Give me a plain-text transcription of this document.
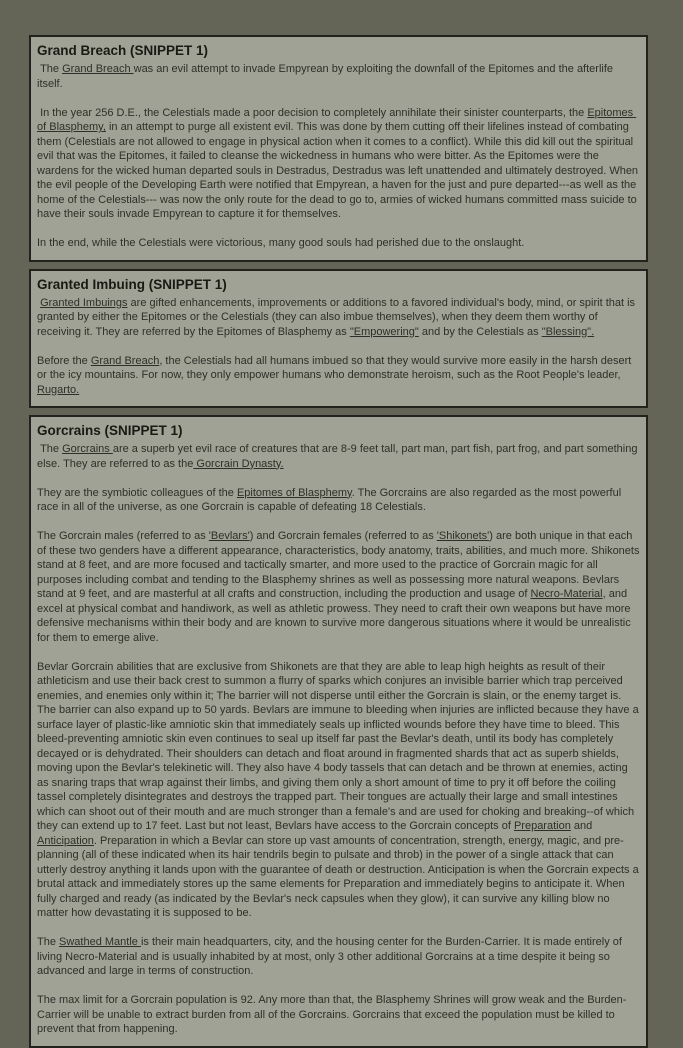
Grand Breach (SNIPPET 1)

The Grand Breach was an evil attempt to invade Empyrean by exploiting the downfall of the Epitomes and the afterlife itself.

In the year 256 D.E., the Celestials made a poor decision to completely annihilate their sinister counterparts, the Epitomes of Blasphemy, in an attempt to purge all existent evil. This was done by them cutting off their lifelines instead of combating them (Celestials are not allowed to engage in physical action when it comes to a conflict). While this did kill out the spiritual evil that was the Epitomes, it failed to cleanse the wickedness in humans who were bitter. As the Epitomes were the wardens for the wicked human departed souls in Destradus, Destradus was left unattended and ultimately destroyed. When the evil people of the Developing Earth were notified that Empyrean, a haven for the just and pure departed---as well as the home of the Celestials--- was now the only route for the dead to go to, armies of wicked humans committed mass suicide to have their souls invade Empyrean to capture it for themselves.

In the end, while the Celestials were victorious, many good souls had perished due to the onslaught.

Granted Imbuing (SNIPPET 1)

Granted Imbuings are gifted enhancements, improvements or additions to a favored individual's body, mind, or spirit that is granted by either the Epitomes or the Celestials (they can also imbue themselves), when they deem them worthy of receiving it. They are referred by the Epitomes of Blasphemy as "Empowering" and by the Celestials as "Blessing".

Before the Grand Breach, the Celestials had all humans imbued so that they would survive more easily in the harsh desert or the icy mountains. For now, they only empower humans who demonstrate heroism, such as the Root People's leader, Rugarto.

Gorcrains (SNIPPET 1)

The Gorcrains are a superb yet evil race of creatures that are 8-9 feet tall, part man, part fish, part frog, and part something else. They are referred to as the Gorcrain Dynasty.

They are the symbiotic colleagues of the Epitomes of Blasphemy. The Gorcrains are also regarded as the most powerful race in all of the universe, as one Gorcrain is capable of defeating 18 Celestials.

The Gorcrain males (referred to as 'Bevlars') and Gorcrain females (referred to as 'Shikonets') are both unique in that each of these two genders have a different appearance, characteristics, body anatomy, traits, abilities, and much more. Shikonets stand at 8 feet, and are more focused and tactically smarter, and more used to the practice of Gorcrain magic for all purposes including combat and tending to the Blasphemy shrines as well as possessing more natural weapons. Bevlars stand at 9 feet, and are masterful at all crafts and construction, including the production and usage of Necro-Material, and excel at physical combat and handiwork, as well as athletic prowess. They need to craft their own weapons but have more defensive mechanisms within their body and are known to survive more dangerous situations where it would be unrealistic for them to emerge alive.

Bevlar Gorcrain abilities that are exclusive from Shikonets are that they are able to leap high heights as result of their athleticism and use their back crest to summon a flurry of sparks which conjures an invisible barrier which trap perceived enemies, and enemies only within it; The barrier will not disperse until either the Gorcrain is slain, or the enemy target is. The barrier can also expand up to 50 yards. Bevlars are immune to bleeding when injuries are inflicted because they have a surface layer of plastic-like amniotic skin that immediately seals up inflicted wounds before they have time to bleed. This bleed-preventing amniotic skin even continues to seal up itself far past the Bevlar's death, until its body has completely decayed or is dehydrated. Their shoulders can detach and float around in fragmented shards that act as superb shields, moving upon the Bevlar's telekinetic will. They also have 4 body tassels that can detach and be thrown at enemies, acting as snaring traps that wrap against their limbs, and giving them only a short amount of time to pry it off before the coiling tassel completely disintegrates and destroys the trapped part. Their tongues are actually their large and small intestines which can shoot out of their mouth and are much stronger than a female's and are used for choking and breaking--of which they can extend up to 17 feet. Last but not least, Bevlars have access to the Gorcrain concepts of Preparation and Anticipation. Preparation in which a Bevlar can store up vast amounts of concentration, strength, energy, magic, and pre-planning (all of these indicated when its hair tendrils begin to pulsate and throb) in the power of a single attack that can utterly destroy anything it lands upon with the guarantee of death or destruction. Anticipation is when the Gorcrain expects a brutal attack and immediately stores up the same elements for Preparation and immediately begins to anticipate it. When fully charged and ready (as indicated by the Bevlar's neck capsules when they glow), it can survive any killing blow no matter how devastating it is supposed to be.

The Swathed Mantle is their main headquarters, city, and the housing center for the Burden-Carrier. It is made entirely of living Necro-Material and is usually inhabited by at most, only 3 other additional Gorcrains at a time despite it being so advanced and large in terms of construction.

The max limit for a Gorcrain population is 92. Any more than that, the Blasphemy Shrines will grow weak and the Burden-Carrier will be unable to extract burden from all of the Gorcrains. Gorcrains that exceed the population must be killed to prevent that from happening.
